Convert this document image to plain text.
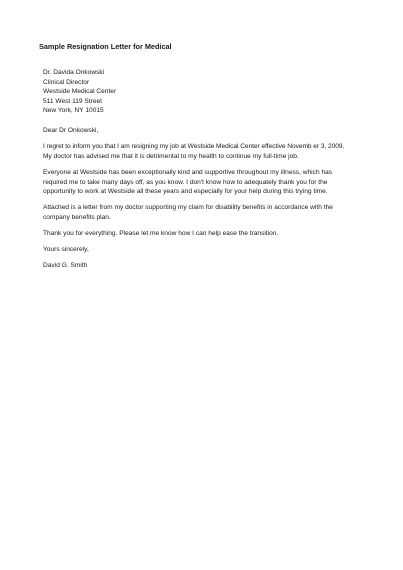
Sample Resignation Letter for Medical
Dr. Davida Onkowski
Clinical Director
Westside Medical Center
511 West 119 Street
New York, NY 10015
Dear Dr Onkowski,
I regret to inform you that I am resigning my job at Westside Medical Center effective Novemb er 3, 2009.
My doctor has advised me that it is detrimental to my health to continue my full-time job.
Everyone at Westside has been exceptionally kind and supportive throughout my illness, which has
required me to take many days off, as you know. I don't know how to adequately thank you for the
opportunity to work at Westside all these years and especially for your help during this trying time.
Attached is a letter from my doctor supporting my claim for disability benefits in accordance with the
company benefits plan.
Thank you for everything. Please let me know how I can help ease the transition.
Yours sincerely,
David G. Smith
